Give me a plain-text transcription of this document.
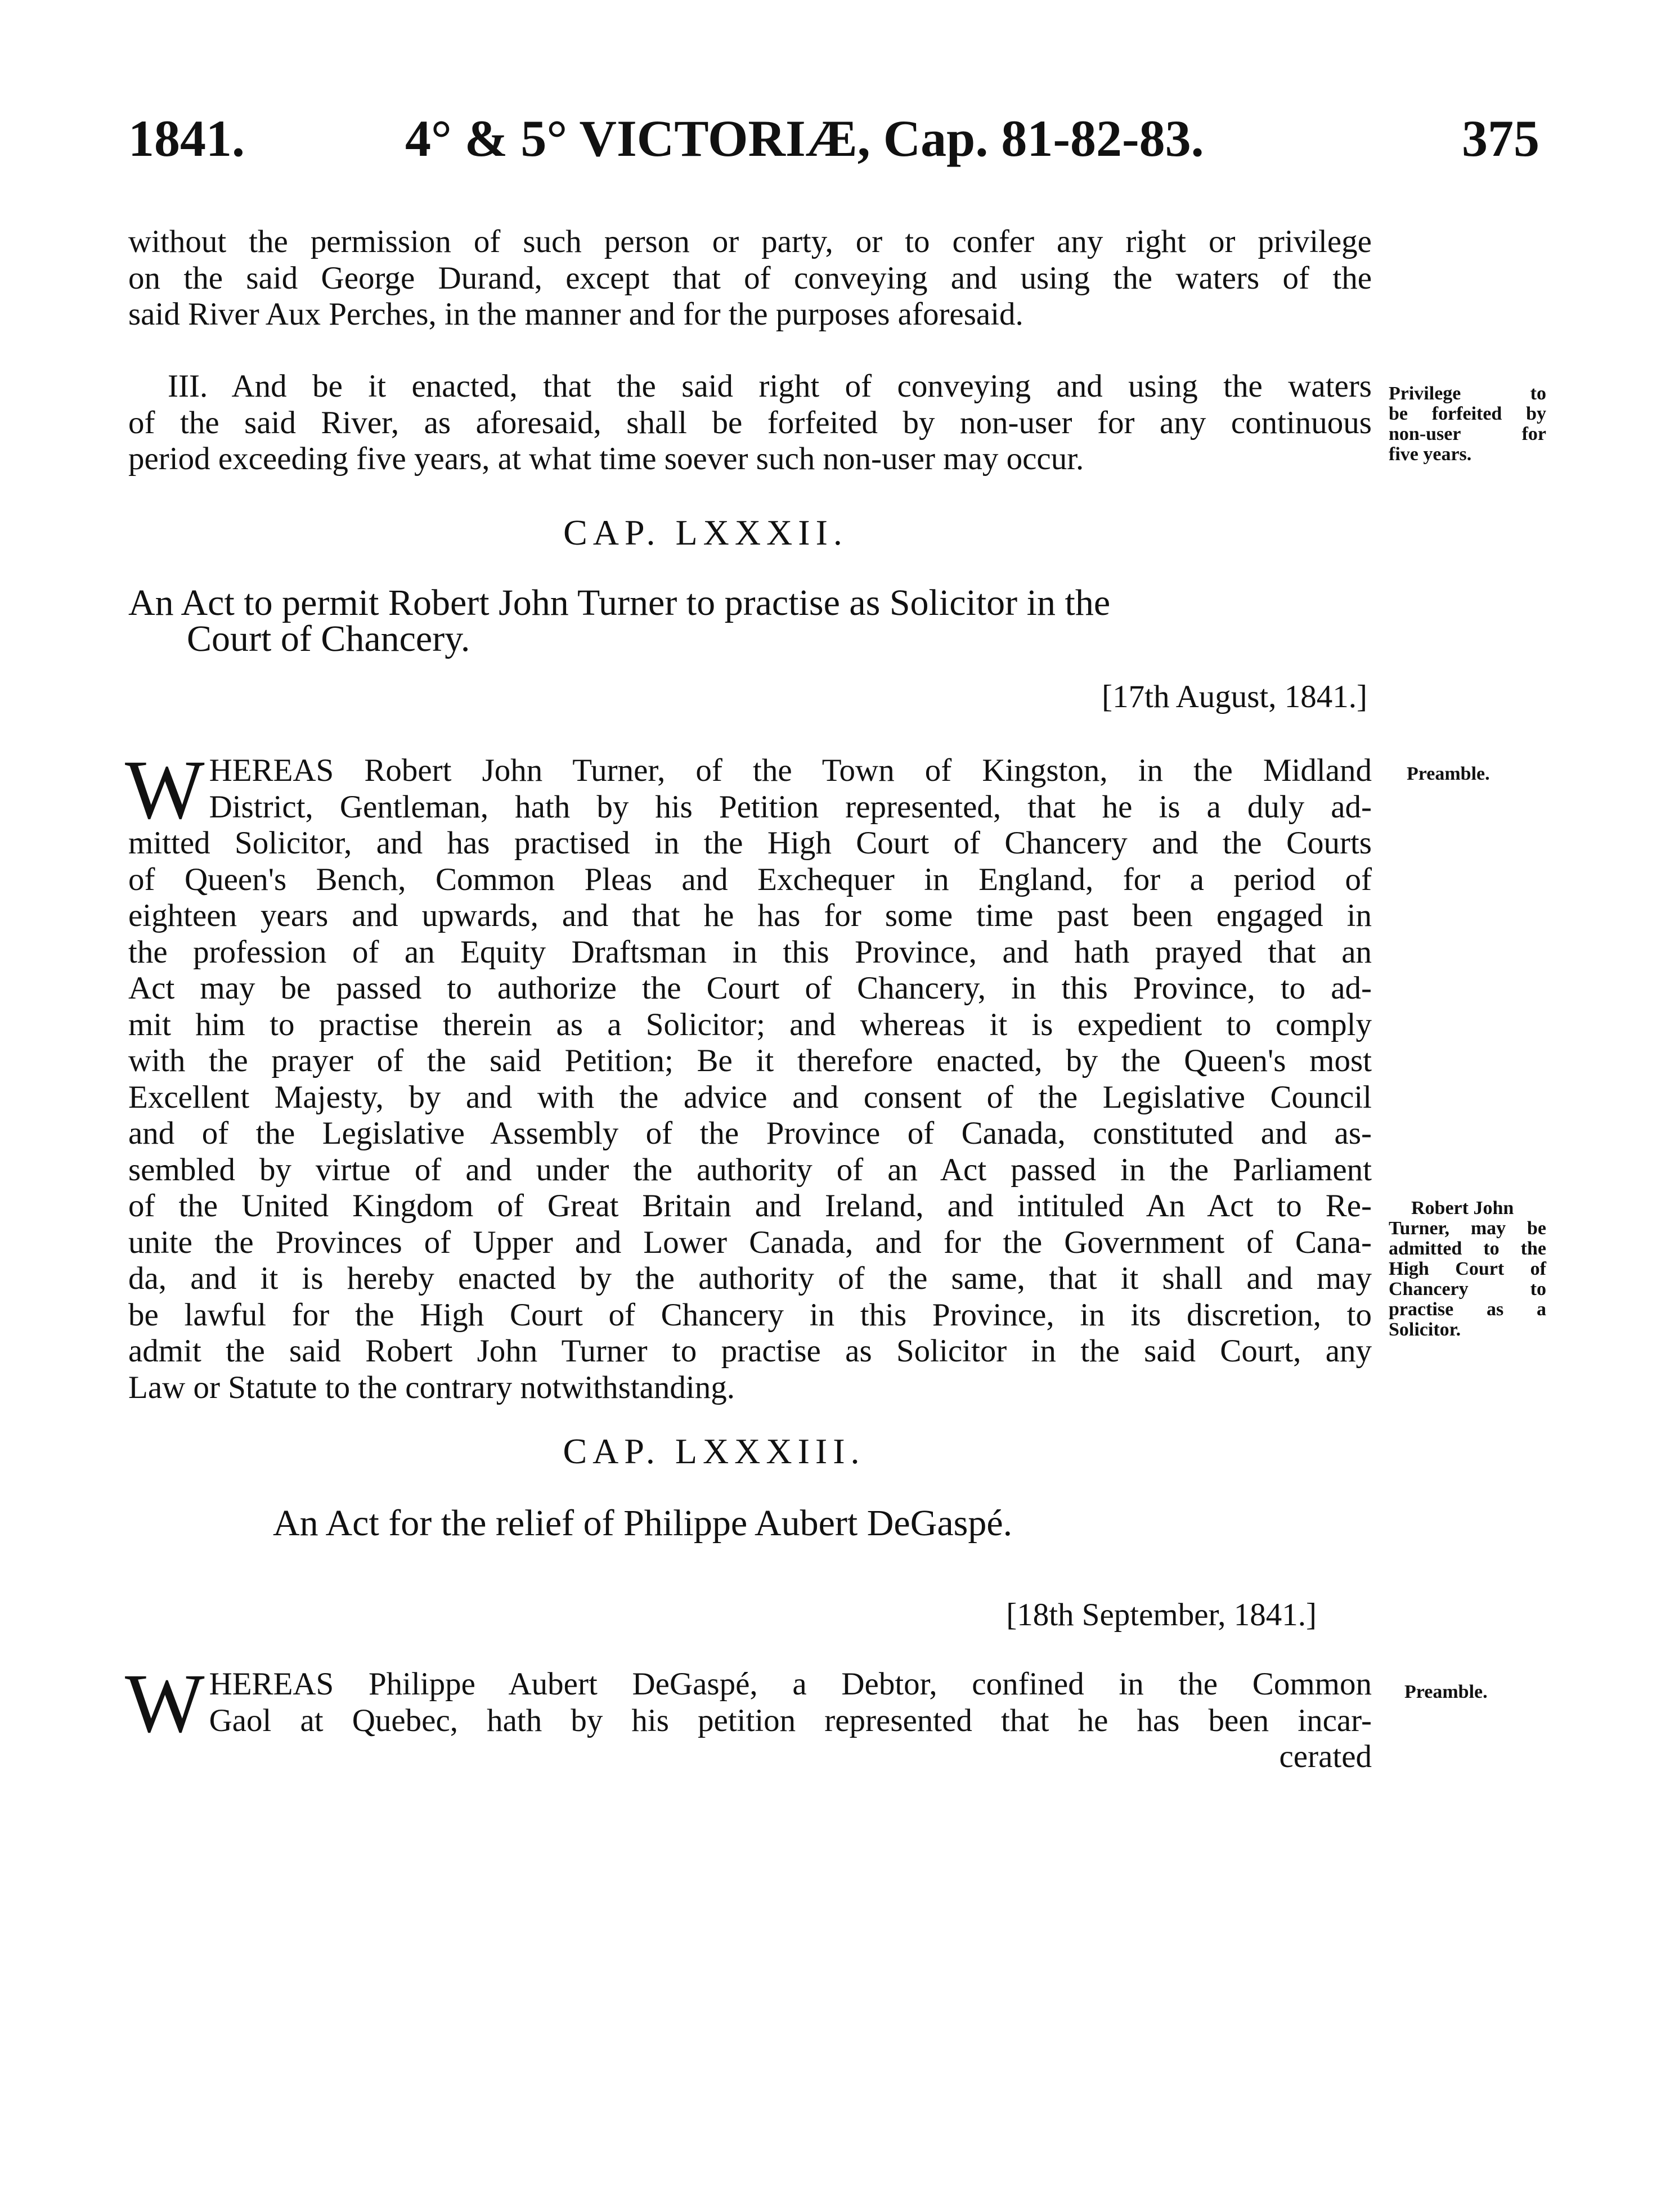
1841.	4° & 5° VICTORIÆ, Cap. 81-82-83.	375
without the permission of such person or party, or to confer any right or privilege
on the said George Durand, except that of conveying and using the waters of the
said River Aux Perches, in the manner and for the purposes aforesaid.
III. And be it enacted, that the said right of conveying and using the waters
of the said River, as aforesaid, shall be forfeited by non-user for any continuous
period exceeding five years, at what time soever such non-user may occur.
Privilege to
be forfeited by
non-user for
five years.
CAP. LXXXII.
An Act to permit Robert John Turner to practise as Solicitor in the
Court of Chancery.
[17th August, 1841.]
W HEREAS Robert John Turner, of the Town of Kingston, in the Midland
District, Gentleman, hath by his Petition represented, that he is a duly ad-
mitted Solicitor, and has practised in the High Court of Chancery and the Courts
of Queen's Bench, Common Pleas and Exchequer in England, for a period of
eighteen years and upwards, and that he has for some time past been engaged in
the profession of an Equity Draftsman in this Province, and hath prayed that an
Act may be passed to authorize the Court of Chancery, in this Province, to ad-
mit him to practise therein as a Solicitor; and whereas it is expedient to comply
with the prayer of the said Petition; Be it therefore enacted, by the Queen's most
Excellent Majesty, by and with the advice and consent of the Legislative Council
and of the Legislative Assembly of the Province of Canada, constituted and as-
sembled by virtue of and under the authority of an Act passed in the Parliament
of the United Kingdom of Great Britain and Ireland, and intituled An Act to Re-
unite the Provinces of Upper and Lower Canada, and for the Government of Cana-
da, and it is hereby enacted by the authority of the same, that it shall and may
be lawful for the High Court of Chancery in this Province, in its discretion, to
admit the said Robert John Turner to practise as Solicitor in the said Court, any
Law or Statute to the contrary notwithstanding.
Preamble.
Robert John
Turner, may be
admitted to the
High Court of
Chancery to
practise as a
Solicitor.
CAP. LXXXIII.
An Act for the relief of Philippe Aubert DeGaspé.
[18th September, 1841.]
W HEREAS Philippe Aubert DeGaspé, a Debtor, confined in the Common
Gaol at Quebec, hath by his petition represented that he has been incar-
cerated
Preamble.
